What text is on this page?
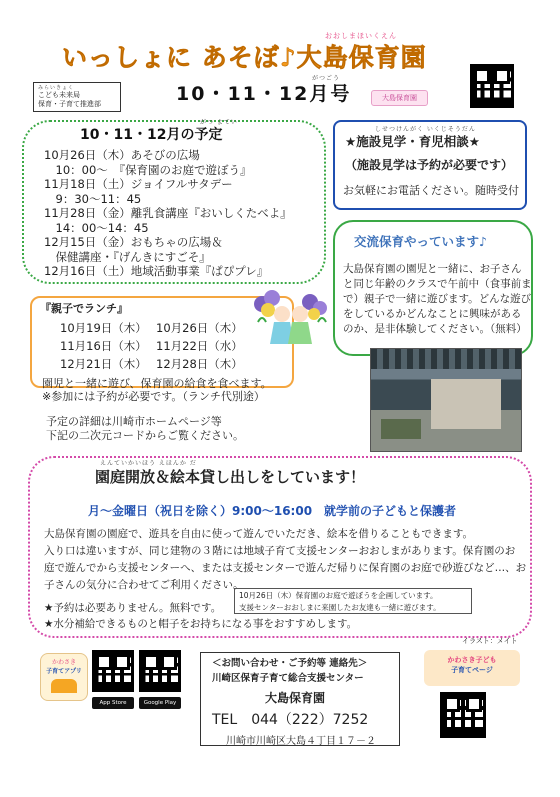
おおしまほいくえん
いっしょに あそぼ♪大島保育園
がつごう
10・11・12月号	大島保育園
みらいきょく
こども未来局
保育・子育て推進部
がつ よてい
10・11・12月の予定
10月26日（木）あそびの広場
　10：00～　『保育園のお庭で遊ぼう』
11月18日（土）ジョイフルサタデー
　9：30～11：45
11月28日（金）離乳食講座『おいしくたべよ』
　14：00～14：45
12月15日（金）おもちゃの広場＆
　保健講座・『げんきにすごそ』
12月16日（土）地域活動事業『ぱぴプレ』
『親子でランチ』
10月19日（木） 10月26日（木）
11月16日（木） 11月22日（水）
12月21日（木） 12月28日（木）
園児と一緒に遊び、保育園の給食を食べます。
※参加には予約が必要です。（ランチ代別途）
予定の詳細は川崎市ホームページ等
下記の二次元コードからご覧ください。
しせつけんがく いくじそうだん
★施設見学・育児相談★
（施設見学は予約が必要です）
お気軽にお電話ください。随時受付
交流保育やっています♪
大島保育園の園児と一緒に、お子さん
と同じ年齢のクラスで午前中（食事前ま
で）親子で一緒に遊びます。どんな遊び
をしているかどんなことに興味がある
のか、是非体験してください。（無料）
えんていかいほう えほんか だ
園庭開放＆絵本貸し出しをしています！
月～金曜日（祝日を除く）9:00～16:00　就学前の子どもと保護者
大島保育園の園庭で、遊具を自由に使って遊んでいただき、絵本を借りることもできます。
入り口は違いますが、同じ建物の３階には地域子育て支援センターおおしまがあります。保育園のお
庭で遊んでから支援センターへ、または支援センターで遊んだ帰りに保育園のお庭で砂遊びなど…、お
子さんの気分に合わせてご利用ください。
★予約は必要ありません。無料です。
★水分補給できるものと帽子をお持ちになる事をおすすめします。
10月26日（木）保育園のお庭で遊ぼうを企画しています。
支援センターおおしまに来園したお友達も一緒に遊びます。
イラスト：メイト
かわさき
子育てアプリ
App Store	Google Play
＜お問い合わせ・ご予約等 連絡先＞
川崎区保育子育て総合支援センター
大島保育園
TEL　044（222）7252
川崎市川崎区大島４丁目１７－２
かわさき子ども
子育てページ
